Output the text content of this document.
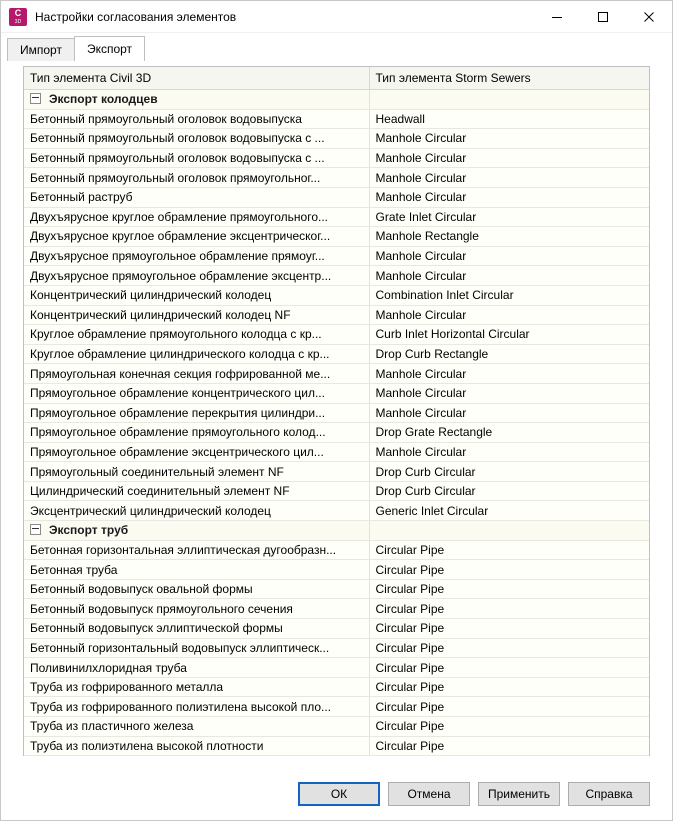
C
3D	Настройки согласования элементов
Импорт	Экспорт
Тип элемента Civil 3D	Тип элемента Storm Sewers

Экспорт колодцев	

Бетонный прямоугольный оголовок водовыпуска	Headwall
Бетонный прямоугольный оголовок водовыпуска с ...	Manhole Circular
Бетонный прямоугольный оголовок водовыпуска с ...	Manhole Circular
Бетонный прямоугольный оголовок прямоугольног...	Manhole Circular
Бетонный раструб	Manhole Circular
Двухъярусное круглое обрамление прямоугольного...	Grate Inlet Circular
Двухъярусное круглое обрамление эксцентрическог...	Manhole Rectangle
Двухъярусное прямоугольное обрамление прямоуг...	Manhole Circular
Двухъярусное прямоугольное обрамление эксцентр...	Manhole Circular
Концентрический цилиндрический колодец	Combination Inlet Circular
Концентрический цилиндрический колодец NF	Manhole Circular
Круглое обрамление прямоугольного колодца с кр...	Curb Inlet Horizontal Circular
Круглое обрамление цилиндрического колодца с кр...	Drop Curb Rectangle
Прямоугольная конечная секция гофрированной ме...	Manhole Circular
Прямоугольное обрамление концентрического цил...	Manhole Circular
Прямоугольное обрамление перекрытия цилиндри...	Manhole Circular
Прямоугольное обрамление прямоугольного колод...	Drop Grate Rectangle
Прямоугольное обрамление эксцентрического цил...	Manhole Circular
Прямоугольный соединительный элемент NF	Drop Curb Circular
Цилиндрический соединительный элемент NF	Drop Curb Circular
Эксцентрический цилиндрический колодец	Generic Inlet Circular

Экспорт труб	

Бетонная горизонтальная эллиптическая дугообразн...	Circular Pipe
Бетонная труба	Circular Pipe
Бетонный водовыпуск овальной формы	Circular Pipe
Бетонный водовыпуск прямоугольного сечения	Circular Pipe
Бетонный водовыпуск эллиптической формы	Circular Pipe
Бетонный горизонтальный водовыпуск эллиптическ...	Circular Pipe
Поливинилхлоридная труба	Circular Pipe
Труба из гофрированного металла	Circular Pipe
Труба из гофрированного полиэтилена высокой пло...	Circular Pipe
Труба из пластичного железа	Circular Pipe
Труба из полиэтилена высокой плотности	Circular Pipe
ОК	Отмена	Применить	Справка
